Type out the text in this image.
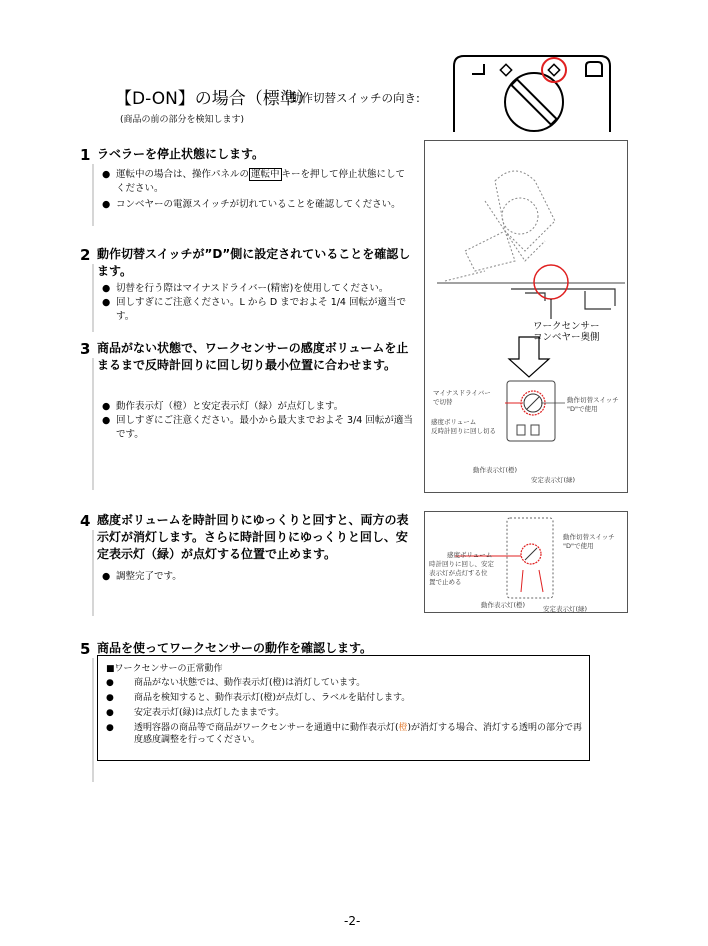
【D-ON】の場合（標準）
動作切替スイッチの向き:
(商品の前の部分を検知します)
1 ラベラーを停止状態にします。
● 運転中の場合は、操作パネルの 運転中 キーを押して停止状態にしてください。
● コンベヤーの電源スイッチが切れていることを確認してください。
2 動作切替スイッチが”D”側に設定されていることを確認します。
● 切替を行う際はマイナスドライバー(精密)を使用してください。
● 回しすぎにご注意ください。L から D までおよそ 1/4 回転が適当です。
3 商品がない状態で、ワークセンサーの感度ボリュームを止まるまで反時計回りに回し切り最小位置に合わせます。
● 動作表示灯（橙）と安定表示灯（緑）が点灯します。
● 回しすぎにご注意ください。最小から最大までおよそ 3/4 回転が適当です。
ワークセンサー
コンベヤー奥側
マイナスドライバー
で切替	動作切替スイッチ
"D"で使用
感度ボリューム
反時計回りに回し切る
動作表示灯(橙)
安定表示灯(緑)
4 感度ボリュームを時計回りにゆっくりと回すと、両方の表示灯が消灯します。さらに時計回りにゆっくりと回し、安定表示灯（緑）が点灯する位置で止めます。
● 調整完了です。
動作切替スイッチ
"D"で使用
感度ボリューム
時計回りに回し、安定
表示灯が点灯する位
置で止める
動作表示灯(橙)	安定表示灯(緑)
5 商品を使ってワークセンサーの動作を確認します。
■ワークセンサーの正常動作
●	商品がない状態では、動作表示灯(橙)は消灯しています。
●	商品を検知すると、動作表示灯(橙)が点灯し、ラベルを貼付します。
●	安定表示灯(緑)は点灯したままです。
●	透明容器の商品等で商品がワークセンサーを通過中に動作表示灯(橙)が消灯する場合、消灯する透明の部分で再度感度調整を行ってください。
-2-
